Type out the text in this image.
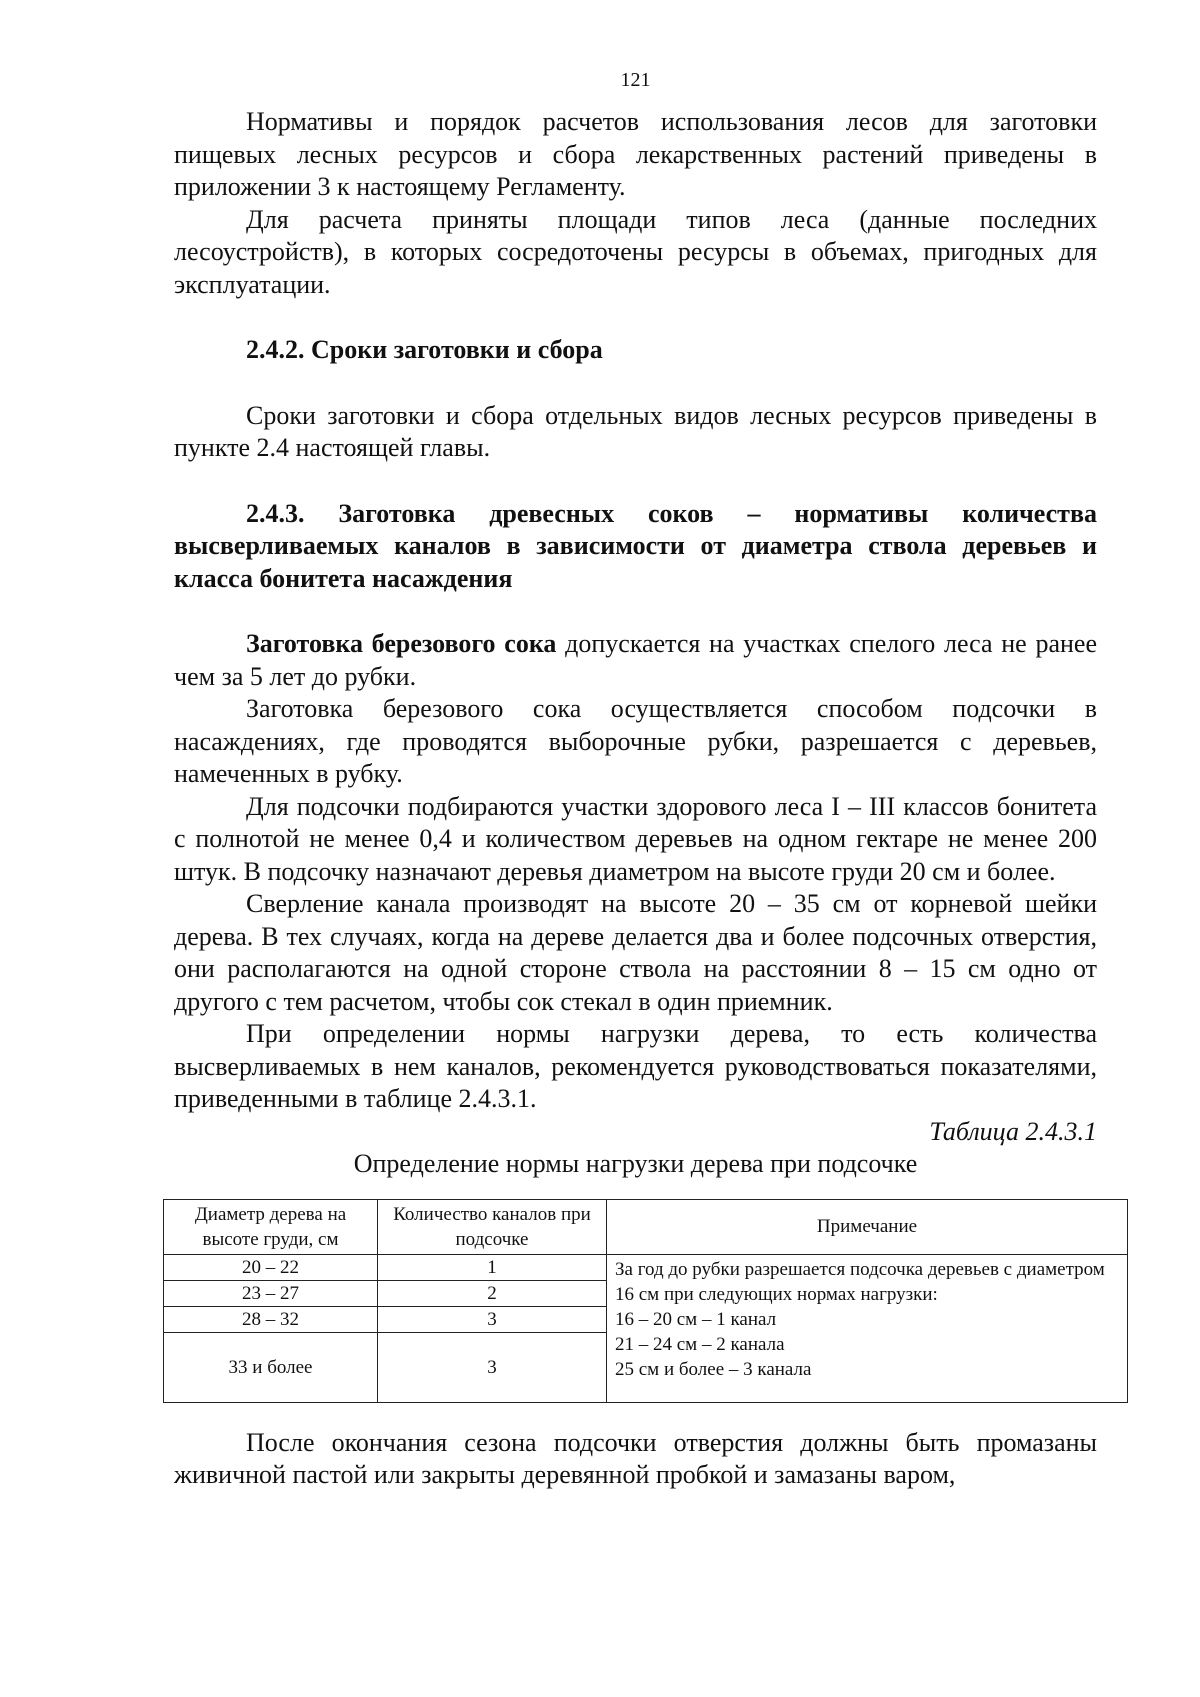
121

Нормативы и порядок расчетов использования лесов для заготовки пищевых лесных ресурсов и сбора лекарственных растений приведены в приложении 3 к настоящему Регламенту.

Для расчета приняты площади типов леса (данные последних лесоустройств), в которых сосредоточены ресурсы в объемах, пригодных для эксплуатации.

2.4.2. Сроки заготовки и сбора

Сроки заготовки и сбора отдельных видов лесных ресурсов приведены в пункте 2.4 настоящей главы.

2.4.3. Заготовка древесных соков – нормативы количества высверливаемых каналов в зависимости от диаметра ствола деревьев и класса бонитета насаждения

Заготовка березового сока допускается на участках спелого леса не ранее чем за 5 лет до рубки.

Заготовка березового сока осуществляется способом подсочки в насаждениях, где проводятся выборочные рубки, разрешается с деревьев, намеченных в рубку.

Для подсочки подбираются участки здорового леса I – III классов бонитета с полнотой не менее 0,4 и количеством деревьев на одном гектаре не менее 200 штук. В подсочку назначают деревья диаметром на высоте груди 20 см и более.

Сверление канала производят на высоте 20 – 35 см от корневой шейки дерева. В тех случаях, когда на дереве делается два и более подсочных отверстия, они располагаются на одной стороне ствола на расстоянии 8 – 15 см одно от другого с тем расчетом, чтобы сок стекал в один приемник.

При определении нормы нагрузки дерева, то есть количества высверливаемых в нем каналов, рекомендуется руководствоваться показателями, приведенными в таблице 2.4.3.1.

Таблица 2.4.3.1
Определение нормы нагрузки дерева при подсочке
Диаметр дерева на высоте груди, см	Количество каналов при подсочке	Примечание
20 – 22	1	За год до рубки разрешается подсочка деревьев с диаметром 16 см при следующих нормах нагрузки:
16 – 20 см – 1 канал
21 – 24 см – 2 канала
25 см и более – 3 канала

23 – 27	2	
28 – 32	3	
33 и более	3	

После окончания сезона подсочки отверстия должны быть промазаны живичной пастой или закрыты деревянной пробкой и замазаны варом,
